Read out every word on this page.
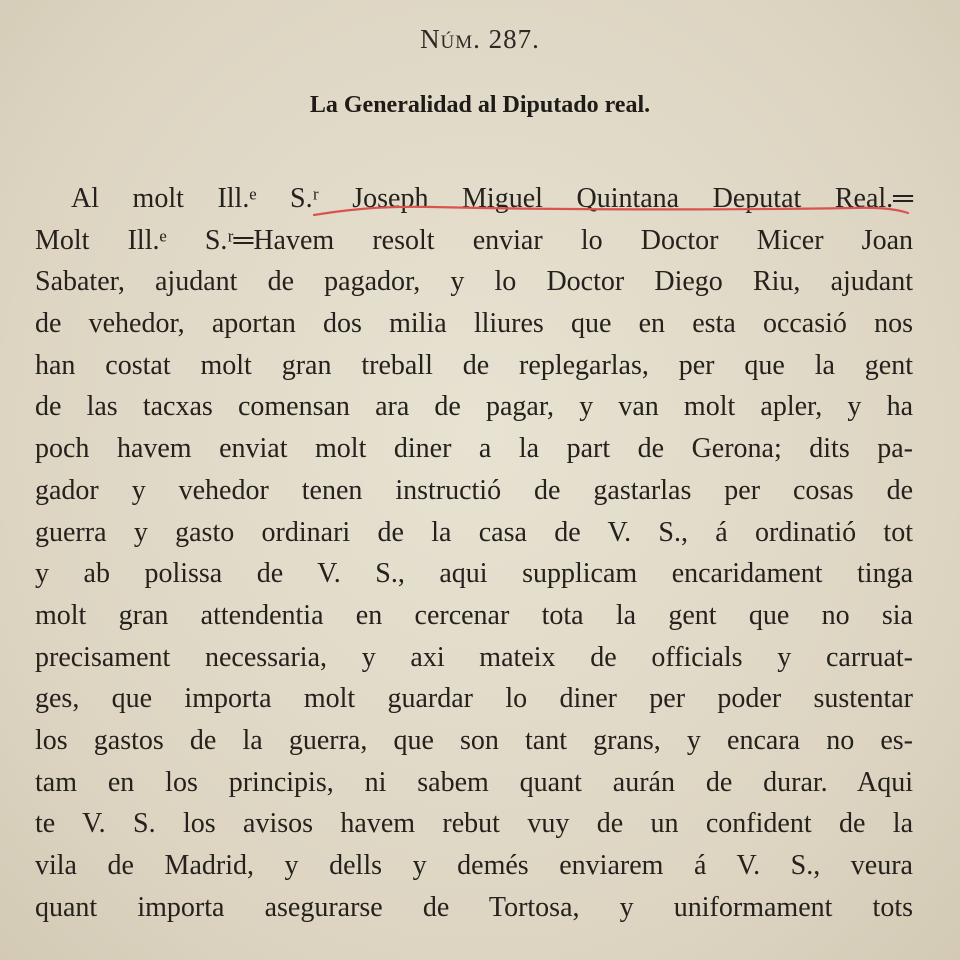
Núm. 287.
La Generalidad al Diputado real.
Al molt Ill.ᵉ S.ʳ Joseph Miguel Quintana Deputat Real.═
Molt Ill.ᵉ S.ʳ═Havem resolt enviar lo Doctor Micer Joan
Sabater, ajudant de pagador, y lo Doctor Diego Riu, ajudant
de vehedor, aportan dos milia lliures que en esta occasió nos
han costat molt gran treball de replegarlas, per que la gent
de las tacxas comensan ara de pagar, y van molt apler, y ha
poch havem enviat molt diner a la part de Gerona; dits pa-
gador y vehedor tenen instructió de gastarlas per cosas de
guerra y gasto ordinari de la casa de V. S., á ordinatió tot
y ab polissa de V. S., aqui supplicam encaridament tinga
molt gran attendentia en cercenar tota la gent que no sia
precisament necessaria, y axi mateix de officials y carruat-
ges, que importa molt guardar lo diner per poder sustentar
los gastos de la guerra, que son tant grans, y encara no es-
tam en los principis, ni sabem quant aurán de durar. Aqui
te V. S. los avisos havem rebut vuy de un confident de la
vila de Madrid, y dells y demés enviarem á V. S., veura
quant importa asegurarse de Tortosa, y uniformament tots
